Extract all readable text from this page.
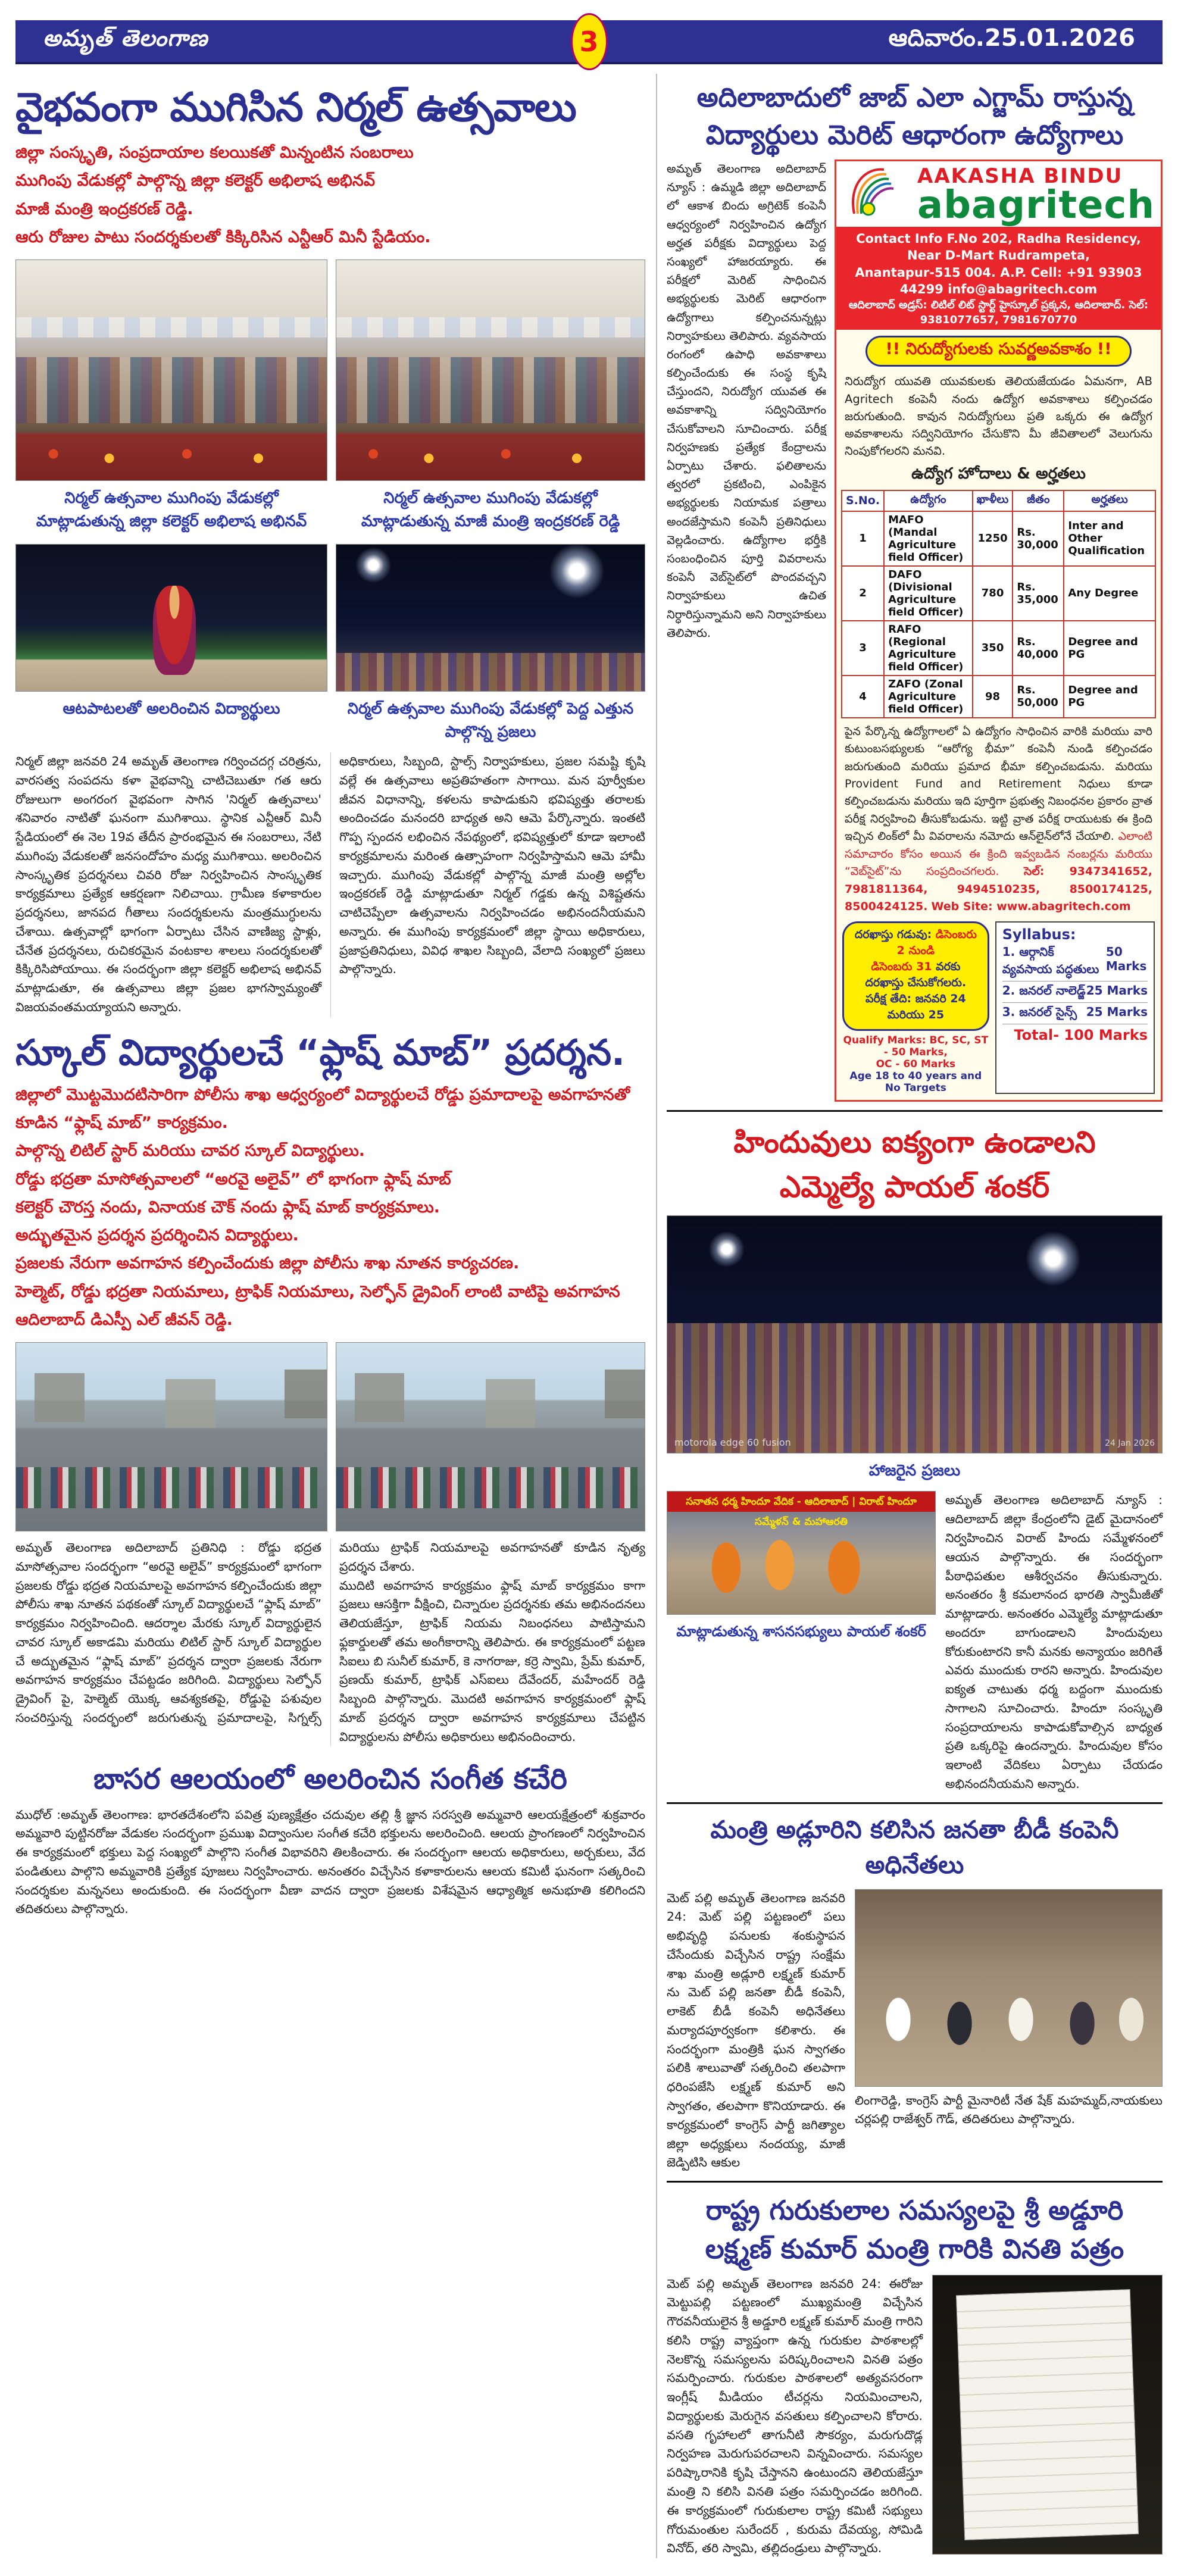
అమృత్ తెలంగాణ	3	ఆదివారం.25.01.2026
వైభవంగా ముగిసిన నిర్మల్ ఉత్సవాలు
జిల్లా సంస్కృతి, సంప్రదాయాల కలయికతో మిన్నంటిన సంబరాలు
ముగింపు వేడుకల్లో పాల్గొన్న జిల్లా కలెక్టర్ అభిలాష అభినవ్
మాజీ మంత్రి ఇంద్రకరణ్ రెడ్డి.
ఆరు రోజుల పాటు సందర్శకులతో కిక్కిరిసిన ఎన్టీఆర్ మినీ స్టేడియం.
నిర్మల్ ఉత్సవాల ముగింపు వేడుకల్లో మాట్లాడుతున్న జిల్లా కలెక్టర్ అభిలాష అభినవ్
నిర్మల్ ఉత్సవాల ముగింపు వేడుకల్లో మాట్లాడుతున్న మాజీ మంత్రి ఇంద్రకరణ్ రెడ్డి
ఆటపాటలతో అలరించిన విద్యార్థులు	నిర్మల్ ఉత్సవాల ముగింపు వేడుకల్లో పెద్ద ఎత్తున పాల్గొన్న ప్రజలు

నిర్మల్ జిల్లా జనవరి 24 అమృత్ తెలంగాణ గర్వించదగ్గ చరిత్రను, వారసత్వ సంపదను కళా వైభవాన్ని చాటిచెబుతూ గత ఆరు రోజులుగా అంగరంగ వైభవంగా సాగిన 'నిర్మల్ ఉత్సవాలు' శనివారం నాటితో ఘనంగా ముగిశాయి. స్థానిక ఎన్టీఆర్ మినీ స్టేడియంలో ఈ నెల 19వ తేదీన ప్రారంభమైన ఈ సంబరాలు, నేటి ముగింపు వేడుకలతో జనసందోహం మధ్య ముగిశాయి. అలరించిన సాంస్కృతిక ప్రదర్శనలు చివరి రోజు నిర్వహించిన సాంస్కృతిక కార్యక్రమాలు ప్రత్యేక ఆకర్షణగా నిలిచాయి. గ్రామీణ కళాకారుల ప్రదర్శనలు, జానపద గీతాలు సందర్శకులను మంత్రముగ్ధులను చేశాయి. ఉత్సవాల్లో భాగంగా ఏర్పాటు చేసిన వాణిజ్య స్టాళ్లు, చేనేత ప్రదర్శనలు, రుచికరమైన వంటకాల శాలలు సందర్శకులతో కిక్కిరిసిపోయాయి. ఈ సందర్భంగా జిల్లా కలెక్టర్ అభిలాష అభినవ్ మాట్లాడుతూ, ఈ ఉత్సవాలు జిల్లా ప్రజల భాగస్వామ్యంతో విజయవంతమయ్యాయని అన్నారు.

అధికారులు, సిబ్బంది, స్టాల్స్ నిర్వాహకులు, ప్రజల సమష్టి కృషి వల్లే ఈ ఉత్సవాలు అప్రతిహతంగా సాగాయి. మన పూర్వీకుల జీవన విధానాన్ని, కళలను కాపాడుకుని భవిష్యత్తు తరాలకు అందించడం మనందరి బాధ్యత అని ఆమె పేర్కొన్నారు. ఇంతటి గొప్ప స్పందన లభించిన నేపథ్యంలో, భవిష్యత్తులో కూడా ఇలాంటి కార్యక్రమాలను మరింత ఉత్సాహంగా నిర్వహిస్తామని ఆమె హామీ ఇచ్చారు. ముగింపు వేడుకల్లో పాల్గొన్న మాజీ మంత్రి అల్లోల ఇంద్రకరణ్ రెడ్డి మాట్లాడుతూ నిర్మల్ గడ్డకు ఉన్న విశిష్టతను చాటిచెప్పేలా ఉత్సవాలను నిర్వహించడం అభినందనీయమని అన్నారు. ఈ ముగింపు కార్యక్రమంలో జిల్లా స్థాయి అధికారులు, ప్రజాప్రతినిధులు, వివిధ శాఖల సిబ్బంది, వేలాది సంఖ్యలో ప్రజలు పాల్గొన్నారు.

స్కూల్ విద్యార్థులచే “ఫ్లాష్ మాబ్” ప్రదర్శన.
జిల్లాలో మొట్టమొదటిసారిగా పోలీసు శాఖ ఆధ్వర్యంలో విద్యార్థులచే రోడ్డు ప్రమాదాలపై అవగాహనతో కూడిన “ఫ్లాష్ మాబ్” కార్యక్రమం.
పాల్గొన్న లిటిల్ స్టార్ మరియు చావర స్కూల్ విద్యార్థులు.
రోడ్డు భద్రతా మాసోత్సవాలలో “అరవై అలైవ్” లో భాగంగా ఫ్లాష్ మాబ్
కలెక్టర్ చౌరస్త నందు, వినాయక చౌక్ నందు ఫ్లాష్ మాబ్ కార్యక్రమాలు.
అద్భుతమైన ప్రదర్శన ప్రదర్శించిన విద్యార్థులు.
ప్రజలకు నేరుగా అవగాహన కల్పించేందుకు జిల్లా పోలీసు శాఖ నూతన కార్యచరణ.
హెల్మెట్, రోడ్డు భద్రతా నియమాలు, ట్రాఫిక్ నియమాలు, సెల్ఫోన్ డ్రైవింగ్ లాంటి వాటిపై అవగాహన
ఆదిలాబాద్ డిఎస్పీ ఎల్ జీవన్ రెడ్డి.

అమృత్ తెలంగాణ అదిలాబాద్ ప్రతినిధి : రోడ్డు భద్రత మాసోత్సవాల సందర్భంగా “అరవై అలైవ్” కార్యక్రమంలో భాగంగా ప్రజలకు రోడ్డు భద్రత నియమాలపై అవగాహన కల్పించేందుకు జిల్లా పోలీసు శాఖ నూతన పథకంతో స్కూల్ విద్యార్థులచే “ఫ్లాష్ మాబ్” కార్యక్రమం నిర్వహించింది. ఆదర్శాల మేరకు స్కూల్ విద్యార్థులైన చావర స్కూల్ అకాడమి మరియు లిటిల్ స్టార్ స్కూల్ విద్యార్థుల చే అద్భుతమైన “ఫ్లాష్ మాబ్” ప్రదర్శన ద్వారా ప్రజలకు నేరుగా అవగాహన కార్యక్రమం చేపట్టడం జరిగింది. విద్యార్థులు సెల్ఫోన్ డ్రైవింగ్ పై, హెల్మెట్ యొక్క ఆవశ్యకతపై, రోడ్డుపై పశువుల సంచరిస్తున్న సందర్భంలో జరుగుతున్న ప్రమాదాలపై, సిగ్నల్స్ మరియు ట్రాఫిక్ నియమాలపై అవగాహనతో కూడిన నృత్య ప్రదర్శన చేశారు.

ముదిటి అవగాహన కార్యక్రమం ఫ్లాష్ మాబ్ కార్యక్రమం కాగా ప్రజలు ఆసక్తిగా వీక్షించి, చిన్నారుల ప్రదర్శనకు తమ అభినందనలు తెలియజేస్తూ, ట్రాఫిక్ నియమ నిబంధనలు పాటిస్తామని ఫ్లకార్డులతో తమ అంగీకారాన్ని తెలిపారు. ఈ కార్యక్రమంలో పట్టణ సిఐలు బి సునీల్ కుమార్, కె నాగరాజు, కర్రె స్వామి, ప్రేమ్ కుమార్, ప్రణయ్ కుమార్, ట్రాఫిక్ ఎస్ఐలు దేవేందర్, మహేందర్ రెడ్డి సిబ్బంది పాల్గొన్నారు. మొదటి అవగాహన కార్యక్రమంలో ఫ్లాష్ మాబ్ ప్రదర్శన ద్వారా అవగాహన కార్యక్రమాలు చేపట్టిన విద్యార్థులను పోలీసు అధికారులు అభినందించారు.

బాసర ఆలయంలో అలరించిన సంగీత కచేరి

ముధోల్ :అమృత్ తెలంగాణ: భారతదేశంలోని పవిత్ర పుణ్యక్షేత్రం చదువుల తల్లి శ్రీ జ్ఞాన సరస్వతి అమ్మవారి ఆలయక్షేత్రంలో శుక్రవారం అమ్మవారి పుట్టినరోజు వేడుకల సందర్భంగా ప్రముఖ విద్వాంసుల సంగీత కచేరి భక్తులను అలరించింది. ఆలయ ప్రాంగణంలో నిర్వహించిన ఈ కార్యక్రమంలో భక్తులు పెద్ద సంఖ్యలో పాల్గొని సంగీత విభావరిని తిలకించారు. ఈ సందర్భంగా ఆలయ అధికారులు, అర్చకులు, వేద పండితులు పాల్గొని అమ్మవారికి ప్రత్యేక పూజలు నిర్వహించారు. అనంతరం విచ్చేసిన కళాకారులను ఆలయ కమిటీ ఘనంగా సత్కరించి సందర్శకుల మన్ననలు అందుకుంది. ఈ సందర్భంగా వీణా వాదన ద్వారా ప్రజలకు విశేషమైన ఆధ్యాత్మిక అనుభూతి కలిగిందని తదితరులు పాల్గొన్నారు.

అదిలాబాదులో జాబ్ ఎలా ఎగ్జామ్ రాస్తున్న విద్యార్థులు మెరిట్ ఆధారంగా ఉద్యోగాలు
అమృత్ తెలంగాణ అదిలాబాద్ న్యూస్ : ఉమ్మడి జిల్లా అదిలాబాద్ లో ఆకాశ బిందు అగ్రిటెక్ కంపెనీ ఆధ్వర్యంలో నిర్వహించిన ఉద్యోగ అర్హత పరీక్షకు విద్యార్థులు పెద్ద సంఖ్యలో హాజరయ్యారు. ఈ పరీక్షలో మెరిట్ సాధించిన అభ్యర్థులకు మెరిట్ ఆధారంగా ఉద్యోగాలు కల్పించనున్నట్లు నిర్వాహకులు తెలిపారు. వ్యవసాయ రంగంలో ఉపాధి అవకాశాలు కల్పించేందుకు ఈ సంస్థ కృషి చేస్తుందని, నిరుద్యోగ యువత ఈ అవకాశాన్ని సద్వినియోగం చేసుకోవాలని సూచించారు. పరీక్ష నిర్వహణకు ప్రత్యేక కేంద్రాలను ఏర్పాటు చేశారు. ఫలితాలను త్వరలో ప్రకటించి, ఎంపికైన అభ్యర్థులకు నియామక పత్రాలు అందజేస్తామని కంపెనీ ప్రతినిధులు వెల్లడించారు. ఉద్యోగాల భర్తీకి సంబంధించిన పూర్తి వివరాలను కంపెనీ వెబ్‌సైట్‌లో పొందవచ్చని నిర్వాహకులు ఉచిత నిర్ధారిస్తున్నామని అని నిర్వాహకులు తెలిపారు.
AAKASHA BINDU
abagritech
Contact Info F.No 202, Radha Residency, Near D-Mart Rudrampeta,
Anantapur-515 004. A.P. Cell: +91 93903 44299 info@abagritech.com
ఆదిలాబాద్ అడ్రస్: లిటిల్ లిట్ స్టార్ట్ హైస్కూల్ ప్రక్కన, ఆదిలాబాద్. సెల్: 9381077657, 7981670770
!! నిరుద్యోగులకు సువర్ణఅవకాశం !!
నిరుద్యోగ యువతి యువకులకు తెలియజేయడం ఏమనగా, AB Agritech కంపెనీ నందు ఉద్యోగ అవకాశాలు కల్పించడం జరుగుతుంది. కావున నిరుద్యోగులు ప్రతి ఒక్కరు ఈ ఉద్యోగ అవకాశాలను సద్వినియోగం చేసుకొని మీ జీవితాలలో వెలుగును నింపుకోగలరని మనవి.
ఉద్యోగ హోదాలు & అర్హతలు
S.No.	ఉద్యోగం	ఖాళీలు	జీతం	అర్హతలు
1	MAFO (Mandal Agriculture field Officer)	1250	Rs. 30,000	Inter and Other Qualification
2	DAFO (Divisional Agriculture field Officer)	780	Rs. 35,000	Any Degree
3	RAFO (Regional Agriculture field Officer)	350	Rs. 40,000	Degree and PG
4	ZAFO (Zonal Agriculture field Officer)	98	Rs. 50,000	Degree and PG
పైన పేర్కొన్న ఉద్యోగాలలో ఏ ఉద్యోగం సాధించిన వారికి మరియు వారి కుటుంబసభ్యులకు “ఆరోగ్య భీమా” కంపెనీ నుండి కల్పించడం జరుగుతుంది మరియు ప్రమాద భీమా కల్పించబడును. మరియు Provident Fund and Retirement నిధులు కూడా కల్పించబడును మరియు ఇది పూర్తిగా ప్రభుత్వ నిబంధనల ప్రకారం వ్రాత పరీక్ష నిర్వహించి తీసుకోబడును. ఇట్టి వ్రాత పరీక్ష రాయుటకు ఈ క్రింది ఇచ్చిన లింక్‌లో మీ వివరాలను నమోదు ఆన్‌లైన్‌లోనే చేయాలి. ఎలాంటి సమాచారం కోసం అయిన ఈ క్రింది ఇవ్వబడిన నంబర్లను మరియు “వెబ్‌సైట్”ను సంప్రదించగలరు. సెల్: 9347341652, 7981811364, 9494510235, 8500174125, 8500424125. Web Site: www.abagritech.com
దరఖాస్తు గడువు: డిసెంబరు 2 నుండి
డిసెంబరు 31 వరకు దరఖాస్తు చేసుకోగలరు.
పరీక్ష తేది: జనవరి 24 మరియు 25
Qualify Marks: BC, SC, ST - 50 Marks,
OC - 60 Marks
Age 18 to 40 years and No Targets
Syllabus:
1. ఆర్గానిక్ వ్యవసాయ పద్ధతులు
50 Marks
2. జనరల్ నాలెడ్జ్ 25 Marks
3. జనరల్ సైన్స్ 25 Marks
Total- 100 Marks
హిందువులు ఐక్యంగా ఉండాలని
ఎమ్మెల్యే పాయల్ శంకర్
motorola edge 60 fusion	24 Jan 2026
హాజరైన ప్రజలు
సనాతన ధర్మ హిందూ వేదిక - ఆదిలాబాద్ | విరాట్ హిందూ సమ్మేళన్ & మహాఆరతి
మాట్లాడుతున్న శాసనసభ్యులు పాయల్ శంకర్
అమృత్ తెలంగాణ అదిలాబాద్ న్యూస్ : ఆదిలాబాద్ జిల్లా కేంద్రంలోని డైట్ మైదానంలో నిర్వహించిన విరాట్ హిందు సమ్మేళనంలో ఆయన పాల్గొన్నారు. ఈ సందర్భంగా పీఠాధిపతుల ఆశీర్వచనం తీసుకున్నారు. అనంతరం శ్రీ కమలానంద భారతి స్వామీజీతో మాట్లాడారు. అనంతరం ఎమ్మెల్యే మాట్లాడుతూ అందరూ బాగుండాలని హిందువులు కోరుకుంటారని కానీ మనకు అన్యాయం జరిగితే ఎవరు ముందుకు రారని అన్నారు. హిందువుల ఐక్యత చాటుతు ధర్మ బద్దంగా ముందుకు సాగాలని సూచించారు. హిందూ సంస్కృతి సంప్రదాయాలను కాపాడుకోవాల్సిన బాధ్యత ప్రతి ఒక్కరిపై ఉందన్నారు. హిందువుల కోసం ఇలాంటి వేదికలు ఏర్పాటు చేయడం అభినందనీయమని అన్నారు.
మంత్రి అడ్లూరిని కలిసిన జనతా బీడీ కంపెనీ అధినేతలు
మెట్ పల్లి అమృత్ తెలంగాణ జనవరి 24: మెట్ పల్లి పట్టణంలో పలు అభివృద్ధి పనులకు శంకుస్థాపన చేసేందుకు విచ్చేసిన రాష్ట్ర సంక్షేమ శాఖ మంత్రి అడ్లూరి లక్ష్మణ్ కుమార్ ను మెట్ పల్లి జనతా బీడీ కంపెనీ, లాకెట్ బీడీ కంపెనీ అధినేతలు మర్యాదపూర్వకంగా కలిశారు. ఈ సందర్భంగా మంత్రికి ఘన స్వాగతం పలికి శాలువాతో సత్కరించి తలపాగా ధరింపజేసి లక్ష్మణ్ కుమార్ అని స్వాగతం, తలపాగా కొనియాడారు. ఈ కార్యక్రమంలో కాంగ్రెస్ పార్టీ జగిత్యాల జిల్లా అధ్యక్షులు నందయ్య, మాజీ జెడ్పిటిసి ఆకుల
లింగారెడ్డి, కాంగ్రెస్ పార్టీ మైనారిటీ నేత షేక్ మహమ్మద్,నాయకులు చర్లపల్లి రాజేశ్వర్ గౌడ్, తదితరులు పాల్గొన్నారు.
రాష్ట్ర గురుకులాల సమస్యలపై శ్రీ అడ్డూరి
లక్ష్మణ్ కుమార్ మంత్రి గారికి వినతి పత్రం
మెట్ పల్లి అమృత్ తెలంగాణ జనవరి 24: ఈరోజు మెట్టుపల్లి పట్టణంలో ముఖ్యమంత్రి విచ్చేసిన గౌరవనీయులైన శ్రీ అడ్డూరి లక్ష్మణ్ కుమార్ మంత్రి గారిని కలిసి రాష్ట్ర వ్యాప్తంగా ఉన్న గురుకుల పాఠశాలల్లో నెలకొన్న సమస్యలను పరిష్కరించాలని వినతి పత్రం సమర్పించారు. గురుకుల పాఠశాలలో అత్యవసరంగా ఇంగ్లీష్ మీడియం టీచర్లను నియమించాలని, విద్యార్థులకు మెరుగైన వసతులు కల్పించాలని కోరారు. వసతి గృహాలలో తాగునీటి సౌకర్యం, మరుగుదొడ్ల నిర్వహణ మెరుగుపరచాలని విన్నవించారు. సమస్యల పరిష్కారానికి కృషి చేస్తానని ఉంటుందని తెలియజేస్తూ మంత్రి ని కలిసి వినతి పత్రం సమర్పించడం జరిగింది. ఈ కార్యక్రమంలో గురుకులాల రాష్ట్ర కమిటీ సభ్యులు గోరుమంతుల సురేందర్ , కురుమ దేవయ్య, సోమిడి వినోద్, తరి స్వామి, తల్లిదండ్రులు పాల్గొన్నారు.
